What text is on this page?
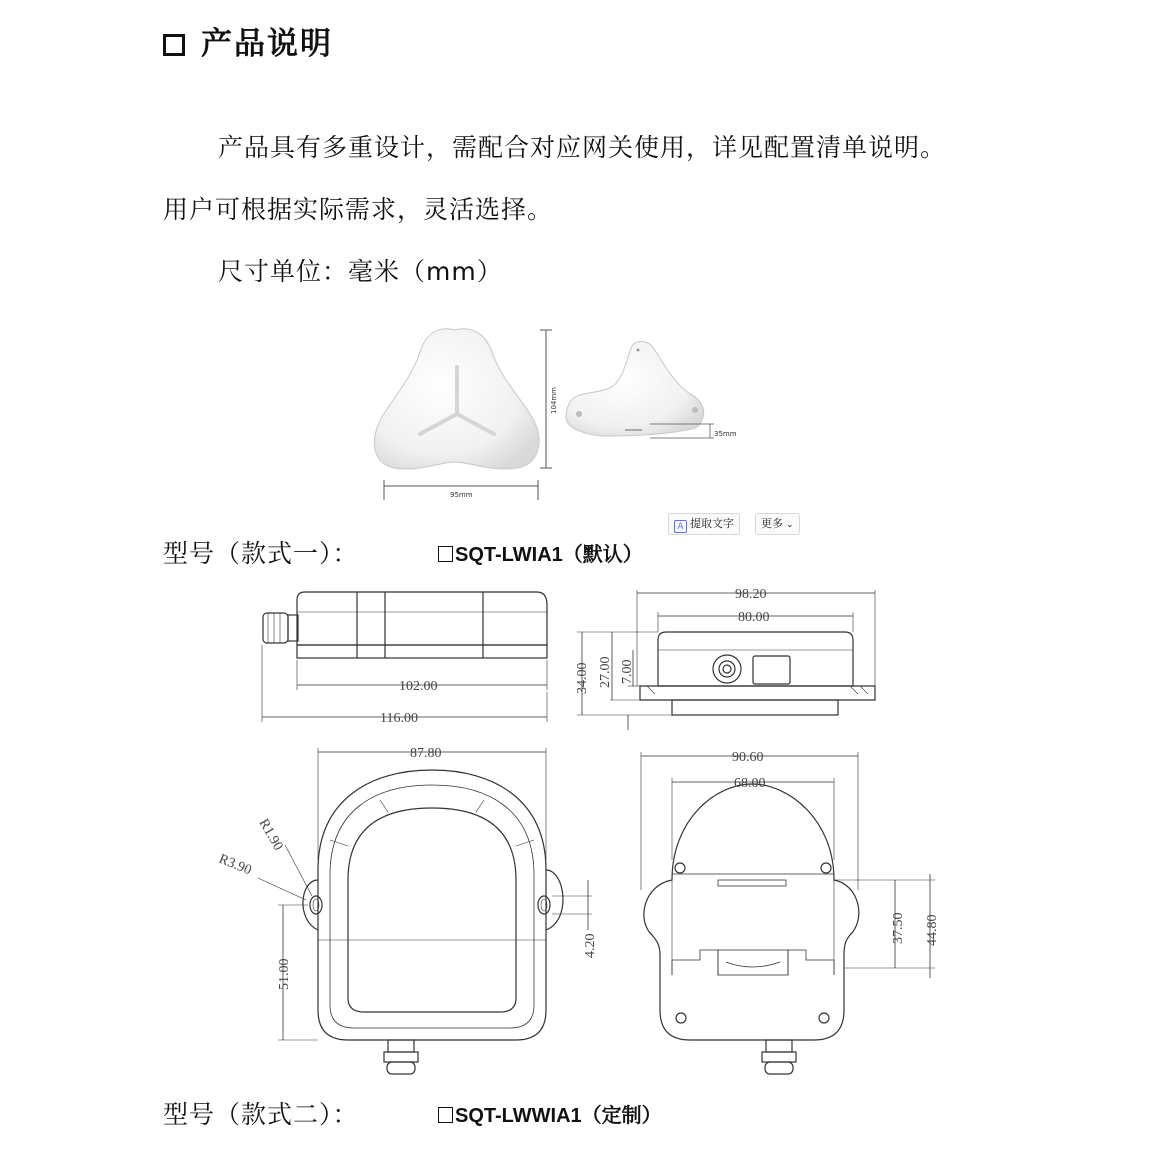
产品说明
产品具有多重设计，需配合对应网关使用，详见配置清单说明。
用户可根据实际需求，灵活选择。
尺寸单位：毫米（mm）
104mm
95mm
35mm
A 提取文字	更多 ⌄
型号（款式一）：	SQT-LWIA1（默认）
102.00
116.00
98.20
80.00
34.00 27.00 7.00
87.80
R1.90
R3.90
51.00
4.20
90.60
68.00
37.50 44.80
型号（款式二）：	SQT-LWWIA1（定制）
